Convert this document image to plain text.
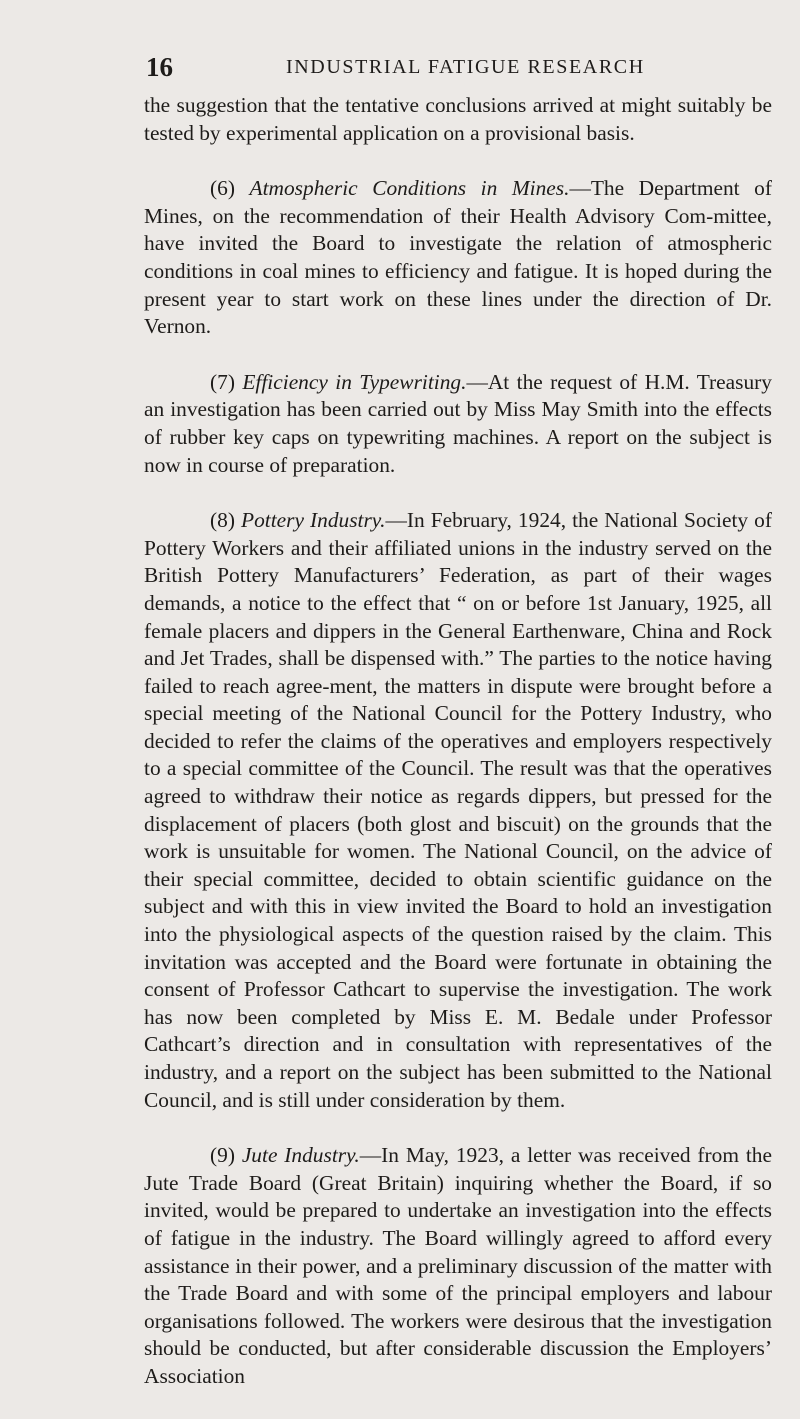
16	INDUSTRIAL FATIGUE RESEARCH

the suggestion that the tentative conclusions arrived at might suitably be tested by experimental application on a provisional basis.

(6) Atmospheric Conditions in Mines.—The Department of Mines, on the recommendation of their Health Advisory Com-mittee, have invited the Board to investigate the relation of atmospheric conditions in coal mines to efficiency and fatigue. It is hoped during the present year to start work on these lines under the direction of Dr. Vernon.

(7) Efficiency in Typewriting.—At the request of H.M. Treasury an investigation has been carried out by Miss May Smith into the effects of rubber key caps on typewriting machines. A report on the subject is now in course of preparation.

(8) Pottery Industry.—In February, 1924, the National Society of Pottery Workers and their affiliated unions in the industry served on the British Pottery Manufacturers’ Federation, as part of their wages demands, a notice to the effect that “ on or before 1st January, 1925, all female placers and dippers in the General Earthenware, China and Rock and Jet Trades, shall be dispensed with.” The parties to the notice having failed to reach agree-ment, the matters in dispute were brought before a special meeting of the National Council for the Pottery Industry, who decided to refer the claims of the operatives and employers respectively to a special committee of the Council. The result was that the operatives agreed to withdraw their notice as regards dippers, but pressed for the displacement of placers (both glost and biscuit) on the grounds that the work is unsuitable for women. The National Council, on the advice of their special committee, decided to obtain scientific guidance on the subject and with this in view invited the Board to hold an investigation into the physiological aspects of the question raised by the claim. This invitation was accepted and the Board were fortunate in obtaining the consent of Professor Cathcart to supervise the investigation. The work has now been completed by Miss E. M. Bedale under Professor Cathcart’s direction and in consultation with representatives of the industry, and a report on the subject has been submitted to the National Council, and is still under consideration by them.

(9) Jute Industry.—In May, 1923, a letter was received from the Jute Trade Board (Great Britain) inquiring whether the Board, if so invited, would be prepared to undertake an investigation into the effects of fatigue in the industry. The Board willingly agreed to afford every assistance in their power, and a preliminary discussion of the matter with the Trade Board and with some of the principal employers and labour organisations followed. The workers were desirous that the investigation should be conducted, but after considerable discussion the Employers’ Association
